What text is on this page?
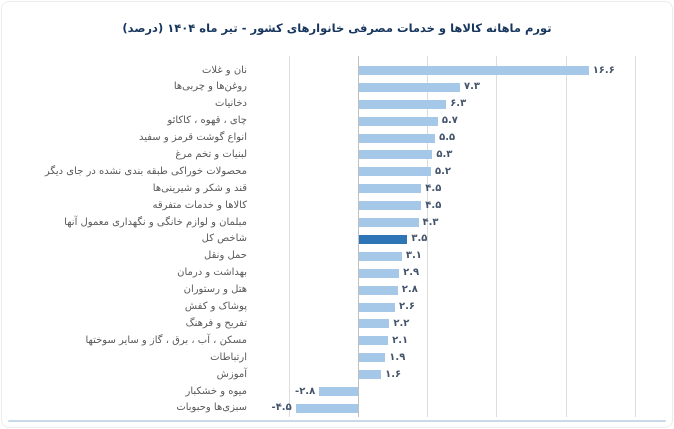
تورم ماهانه کالاها و خدمات مصرفی خانوارهای کشور - تیر ماه ۱۴۰۴ (درصد)
نان و غلات	۱۶.۶
روغن‌ها و چربی‌ها	۷.۳
دخانیات	۶.۳
چای ، قهوه ، کاکائو	۵.۷
انواع گوشت قرمز و سفید	۵.۵
لبنیات و تخم مرغ	۵.۳
محصولات خوراکی طبقه بندی نشده در جای دیگر	۵.۲
قند و شکر و شیرینی‌ها	۴.۵
کالاها و خدمات متفرقه	۴.۵
مبلمان و لوازم خانگی و نگهداری معمول آنها	۴.۳
شاخص کل	۳.۵
حمل ونقل	۳.۱
بهداشت و درمان	۲.۹
هتل و رستوران	۲.۸
پوشاک و کفش	۲.۶
تفریح و فرهنگ	۲.۲
مسکن ، آب ، برق ، گاز و سایر سوختها	۲.۱
ارتباطات	۱.۹
آموزش	۱.۶
میوه و خشکبار	-۲.۸
سبزی‌ها وحبوبات -۴.۵
